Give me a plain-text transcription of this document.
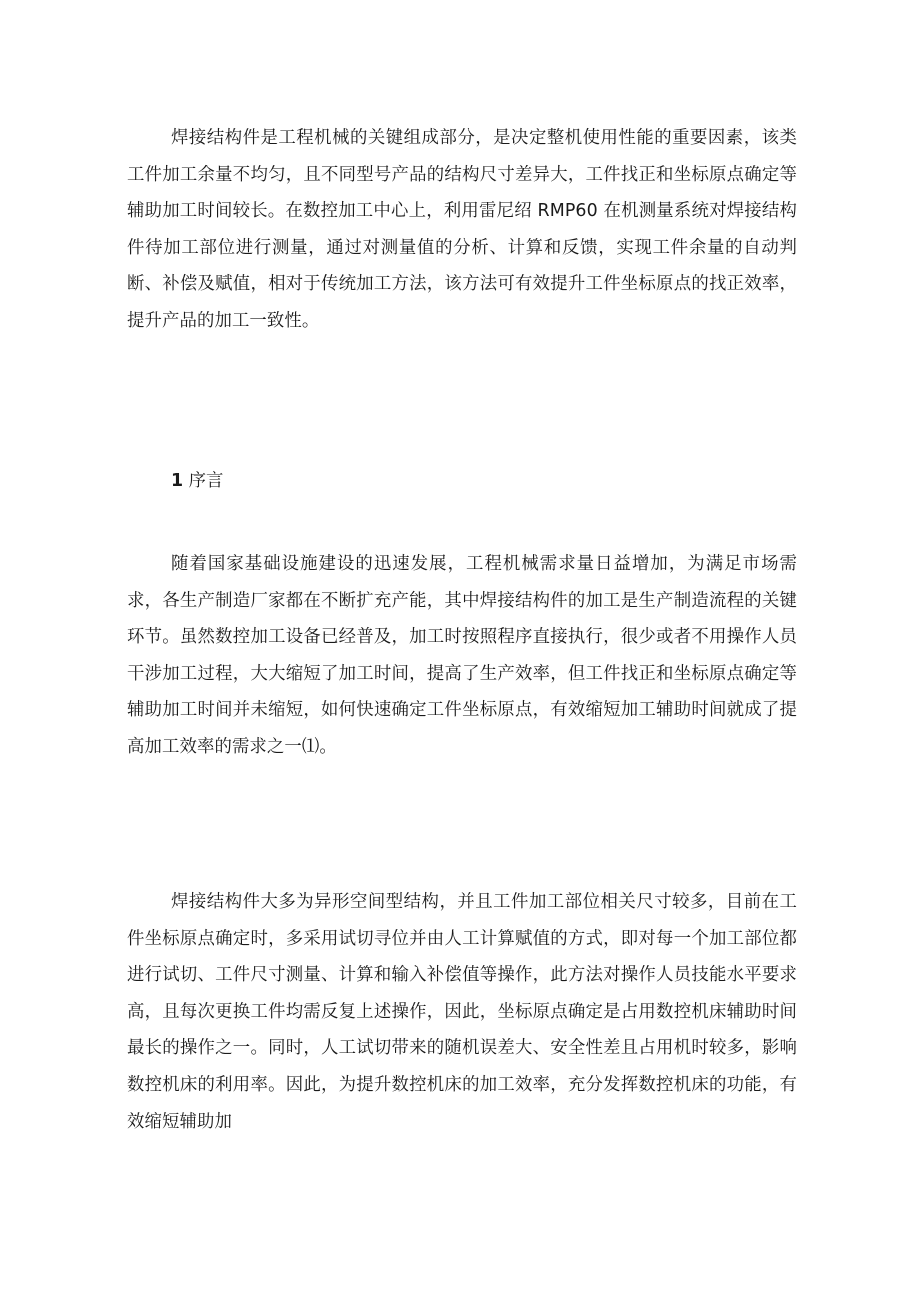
焊接结构件是工程机械的关键组成部分，是决定整机使用性能的重要因素，该类工件加工余量不均匀，且不同型号产品的结构尺寸差异大，工件找正和坐标原点确定等辅助加工时间较长。在数控加工中心上，利用雷尼绍 RMP60 在机测量系统对焊接结构件待加工部位进行测量，通过对测量值的分析、计算和反馈，实现工件余量的自动判断、补偿及赋值，相对于传统加工方法，该方法可有效提升工件坐标原点的找正效率，提升产品的加工一致性。

1 序言

随着国家基础设施建设的迅速发展，工程机械需求量日益增加，为满足市场需求，各生产制造厂家都在不断扩充产能，其中焊接结构件的加工是生产制造流程的关键环节。虽然数控加工设备已经普及，加工时按照程序直接执行，很少或者不用操作人员干涉加工过程，大大缩短了加工时间，提高了生产效率，但工件找正和坐标原点确定等辅助加工时间并未缩短，如何快速确定工件坐标原点，有效缩短加工辅助时间就成了提高加工效率的需求之一⑴。

焊接结构件大多为异形空间型结构，并且工件加工部位相关尺寸较多，目前在工件坐标原点确定时，多采用试切寻位并由人工计算赋值的方式，即对每一个加工部位都进行试切、工件尺寸测量、计算和输入补偿值等操作，此方法对操作人员技能水平要求高，且每次更换工件均需反复上述操作，因此，坐标原点确定是占用数控机床辅助时间最长的操作之一。同时，人工试切带来的随机误差大、安全性差且占用机时较多，影响数控机床的利用率。因此，为提升数控机床的加工效率，充分发挥数控机床的功能，有效缩短辅助加
